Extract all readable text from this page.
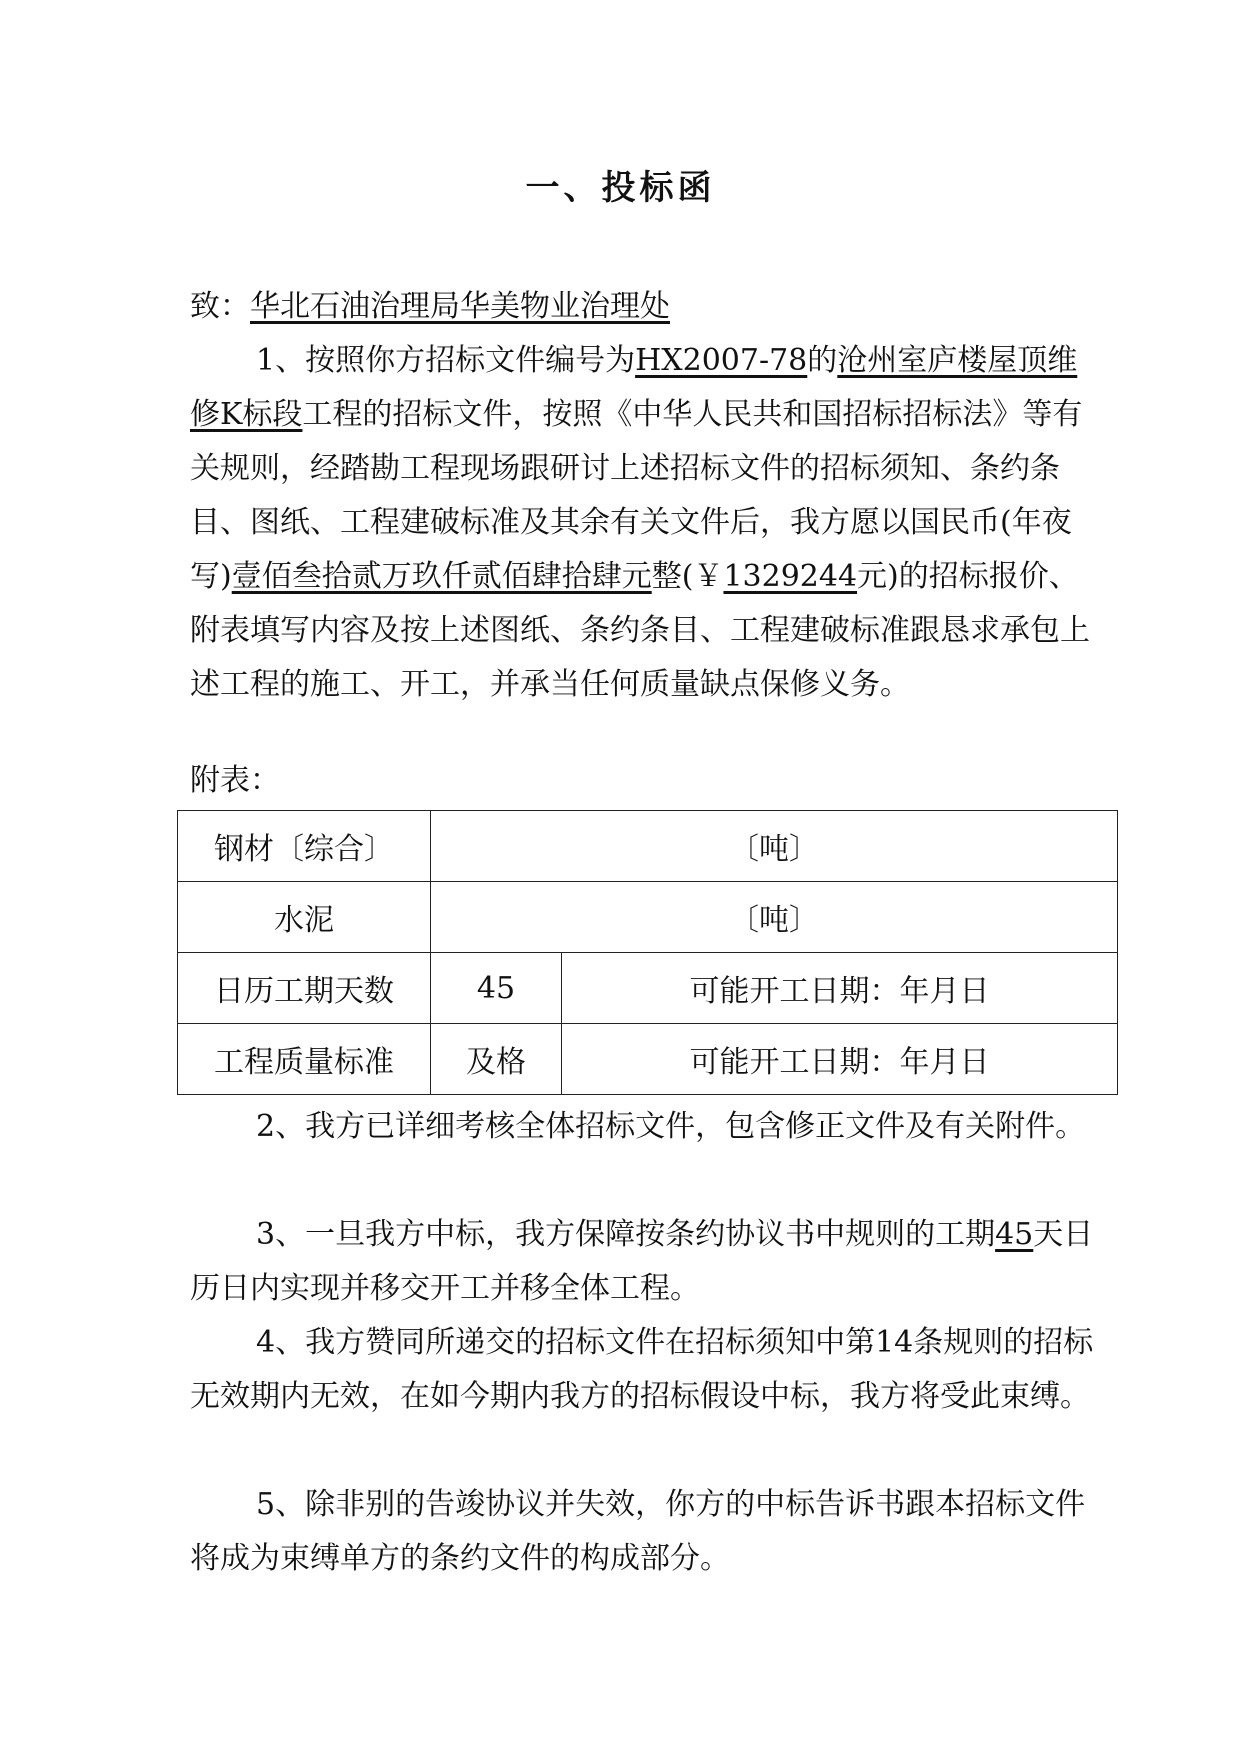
一、投标函

致：华北石油治理局华美物业治理处

1、按照你方招标文件编号为HX2007-78的沧州室庐楼屋顶维修K标段工程的招标文件，按照《中华人民共和国招标招标法》等有关规则，经踏勘工程现场跟研讨上述招标文件的招标须知、条约条目、图纸、工程建破标准及其余有关文件后，我方愿以国民币(年夜写)壹佰叁拾贰万玖仟贰佰肆拾肆元整(￥1329244元)的招标报价、附表填写内容及按上述图纸、条约条目、工程建破标准跟恳求承包上述工程的施工、开工，并承当任何质量缺点保修义务。

附表：

钢材〔综合〕	〔吨〕	
水泥	〔吨〕	
日历工期天数	45	可能开工日期：年月日
工程质量标准	及格	可能开工日期：年月日

2、我方已详细考核全体招标文件，包含修正文件及有关附件。

3、一旦我方中标，我方保障按条约协议书中规则的工期45天日历日内实现并移交开工并移全体工程。

4、我方赞同所递交的招标文件在招标须知中第14条规则的招标无效期内无效，在如今期内我方的招标假设中标，我方将受此束缚。

5、除非别的告竣协议并失效，你方的中标告诉书跟本招标文件将成为束缚单方的条约文件的构成部分。
